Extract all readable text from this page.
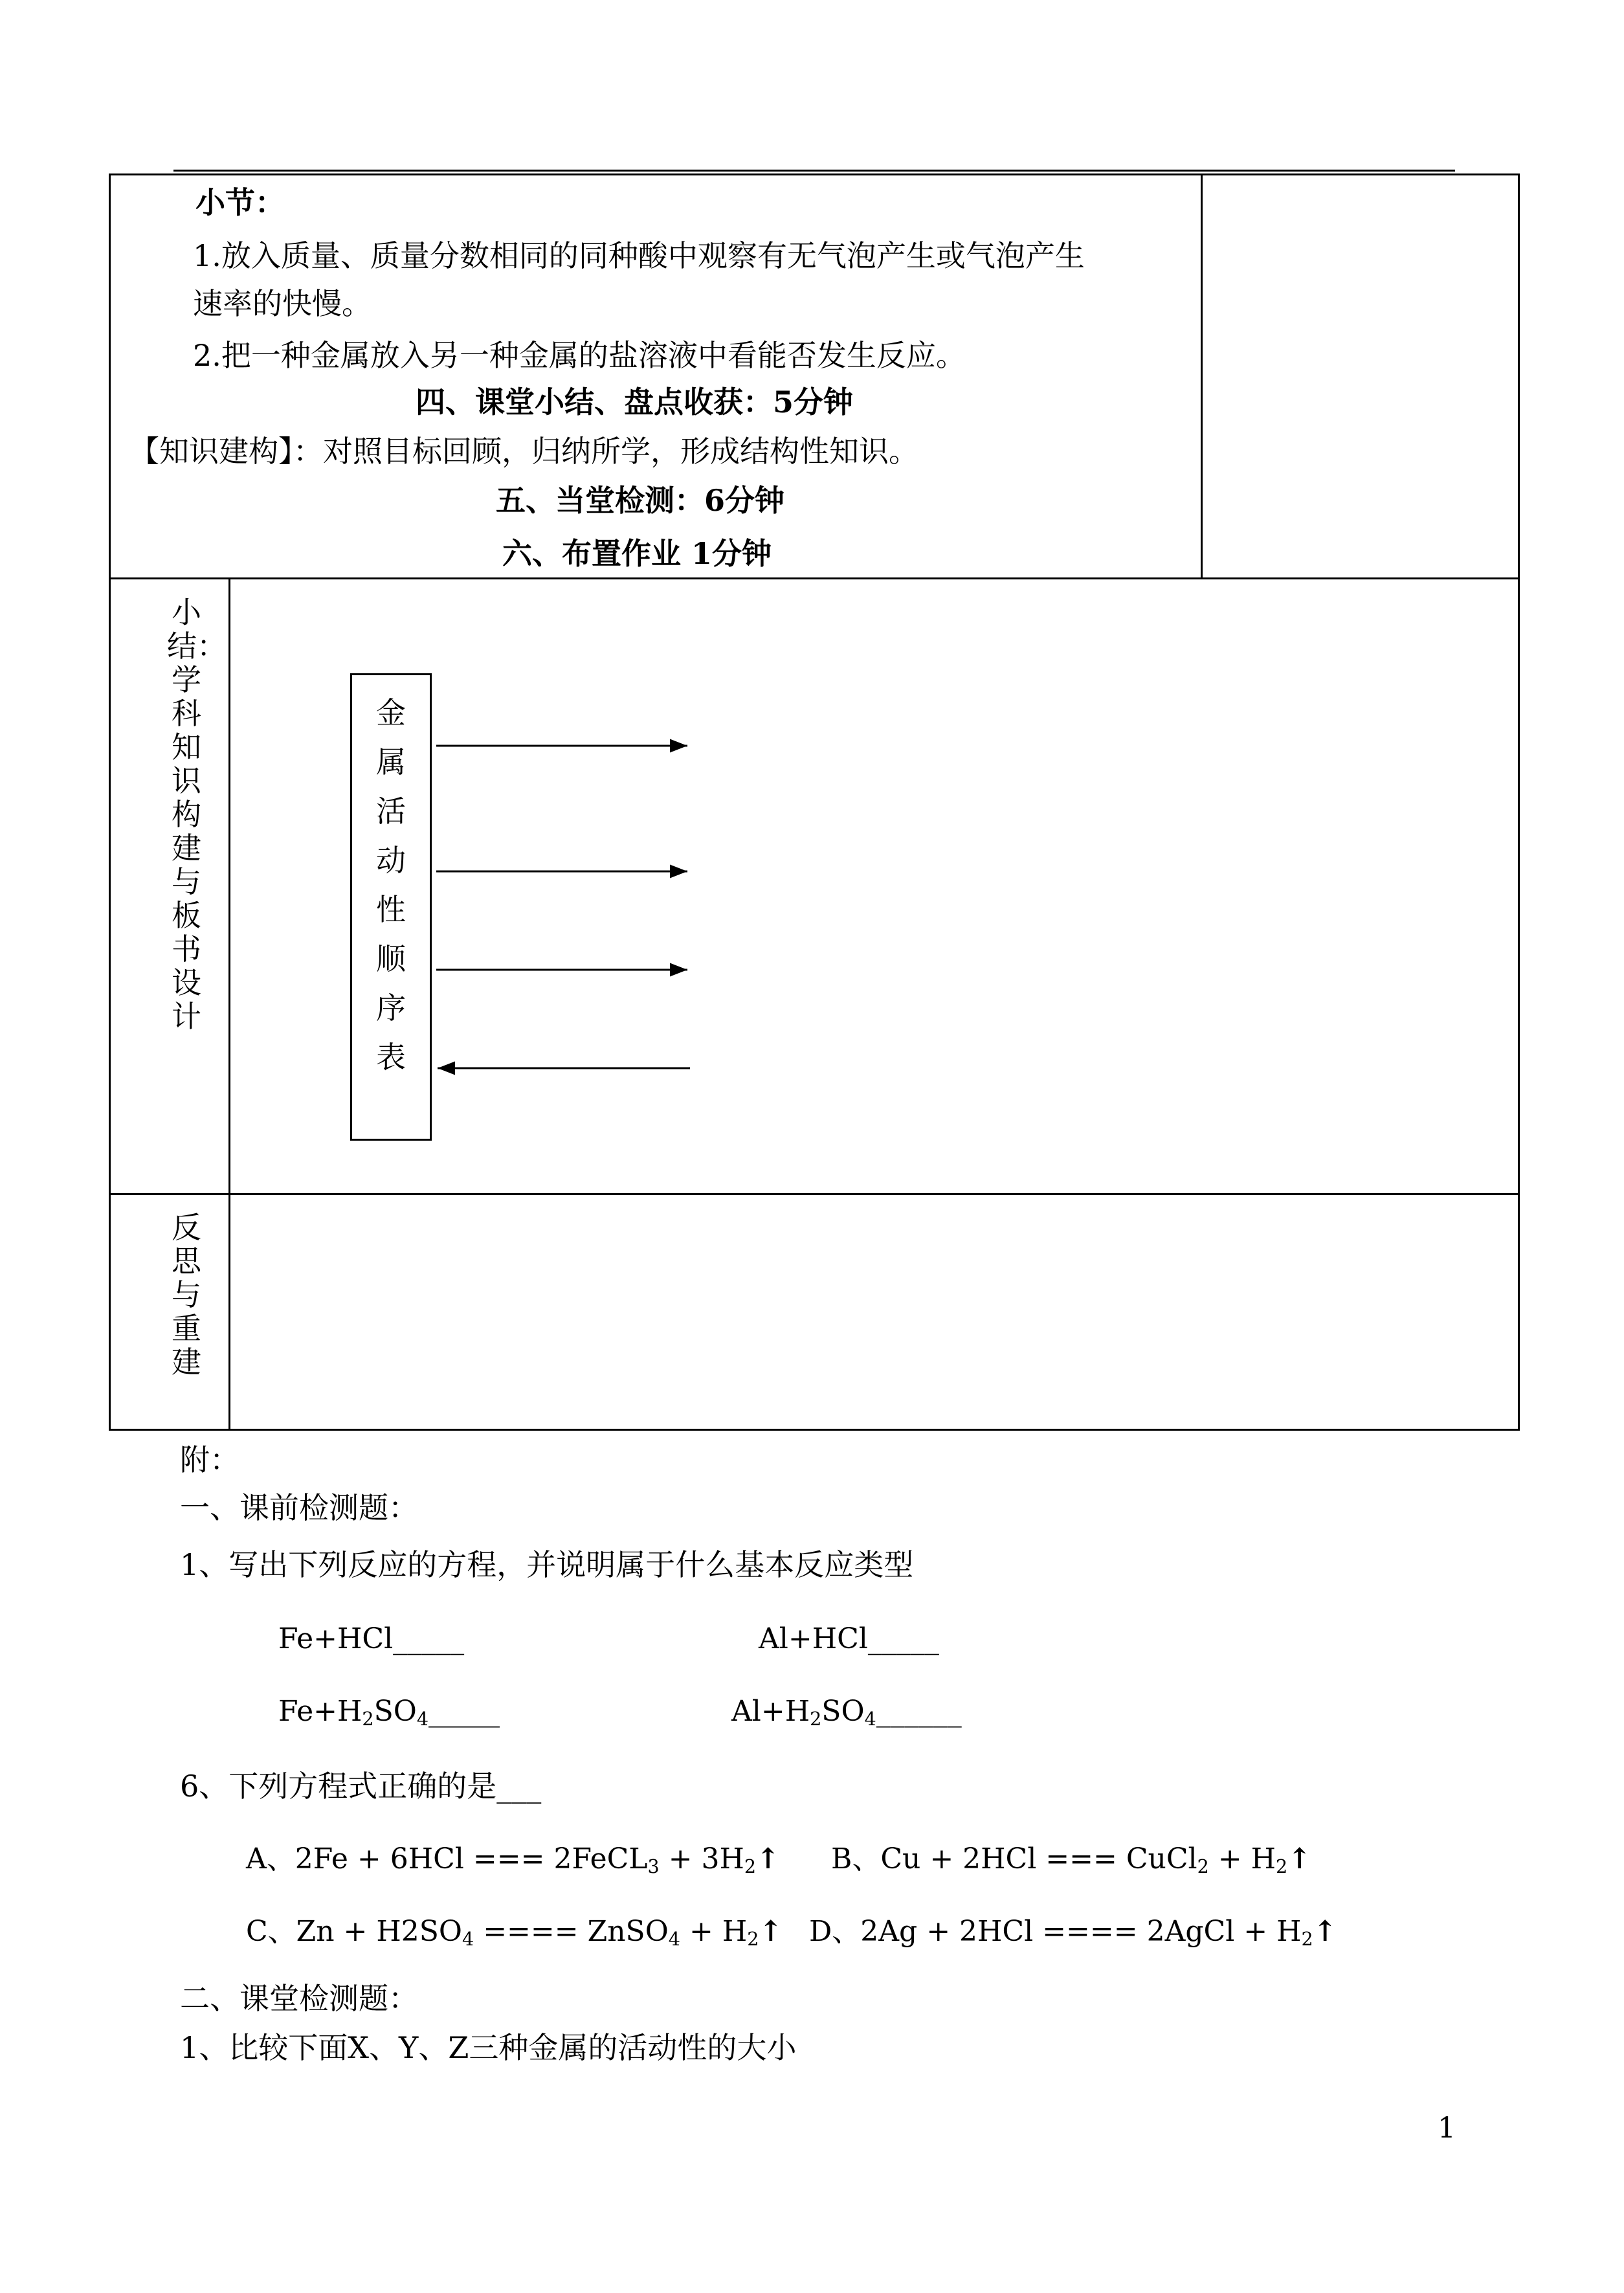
小节：
1.放入质量、质量分数相同的同种酸中观察有无气泡产生或气泡产生
速率的快慢。
2.把一种金属放入另一种金属的盐溶液中看能否发生反应。
四、课堂小结、盘点收获：5分钟
【知识建构】：对照目标回顾，归纳所学，形成结构性知识。
五、当堂检测：6分钟
六、布置作业 1分钟
小结：学科知识构建与板书设计
金属活动性顺序表
反思与重建
附：
一、课前检测题：
1、写出下列反应的方程，并说明属于什么基本反应类型
Fe+HCl_____	Al+HCl_____
$Fe+H_2SO_4\_\_\_\_\_$	$Al+H_2SO_4\_\_\_\_\_\_$
6、下列方程式正确的是___
A、2Fe + 6HCl === 2FeCL$_3$ + $3H_2↑$ B、Cu + 2HCl === CuCl$_2$ + $H_2↑$
C、$Zn + H2SO_4$ ==== ZnSO$_4$ + $H_2↑$ D、2Ag + 2HCl ==== 2AgCl + $H_2↑$
二、课堂检测题：
1、比较下面X、Y、Z三种金属的活动性的大小
1
